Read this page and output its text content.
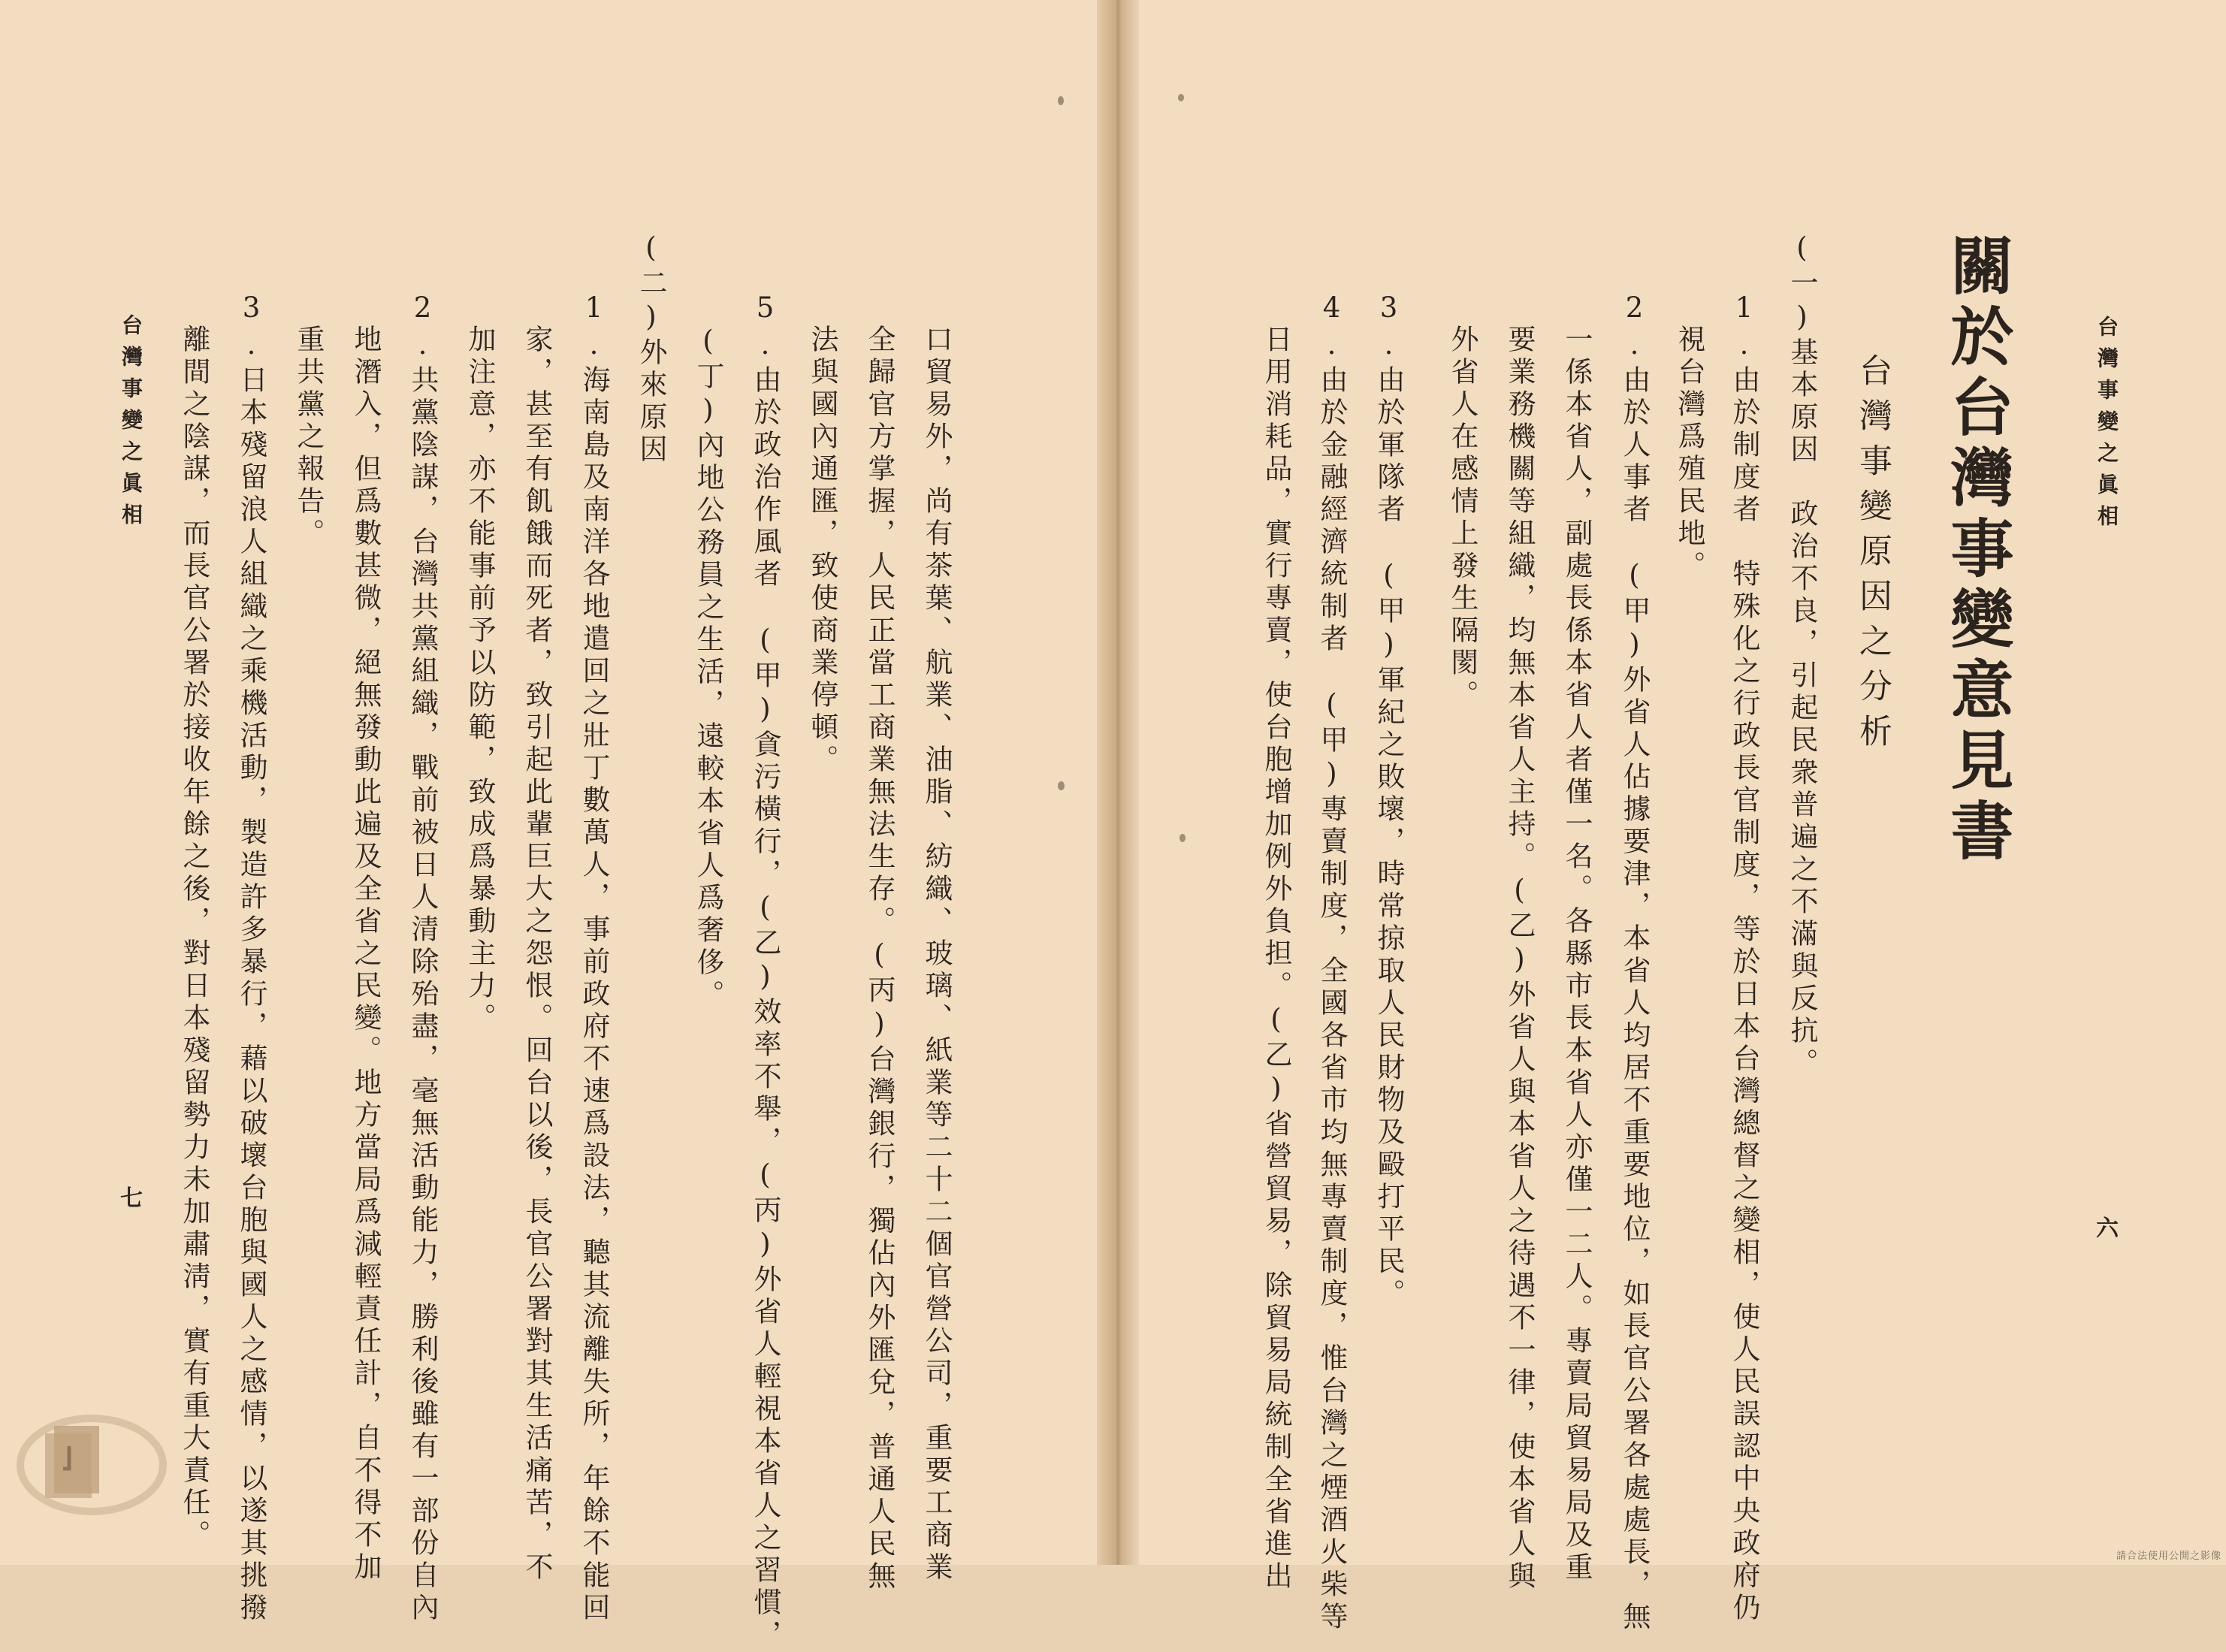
台灣事變之眞相
關於台灣事變意見書
台灣事變原因之分析
(一)基本原因　政治不良，引起民衆普遍之不滿與反抗。
1.由於制度者　特殊化之行政長官制度，等於日本台灣總督之變相，使人民誤認中央政府仍
視台灣爲殖民地。
2.由於人事者　(甲)外省人佔據要津，本省人均居不重要地位，如長官公署各處處長，無
一係本省人，副處長係本省人者僅一名。各縣市長本省人亦僅一二人。專賣局貿易局及重
要業務機關等組織，均無本省人主持。(乙)外省人與本省人之待遇不一律，使本省人與
外省人在感情上發生隔閡。
3.由於軍隊者　(甲)軍紀之敗壞，時常掠取人民財物及毆打平民。
4.由於金融經濟統制者　(甲)專賣制度，全國各省市均無專賣制度，惟台灣之煙酒火柴等
日用消耗品，實行專賣，使台胞增加例外負担。(乙)省營貿易，除貿易局統制全省進出	六
口貿易外，尚有茶葉、航業、油脂、紡織、玻璃、紙業等二十二個官營公司，重要工商業
全歸官方掌握，人民正當工商業無法生存。(丙)台灣銀行，獨佔內外匯兌，普通人民無
法與國內通匯，致使商業停頓。
5.由於政治作風者　(甲)貪污橫行，(乙)效率不舉，(丙)外省人輕視本省人之習慣，
(丁)內地公務員之生活，遠較本省人爲奢侈。
(二)外來原因
1.海南島及南洋各地遣回之壯丁數萬人，事前政府不速爲設法，聽其流離失所，年餘不能回
家，甚至有飢餓而死者，致引起此輩巨大之怨恨。回台以後，長官公署對其生活痛苦，不
加注意，亦不能事前予以防範，致成爲暴動主力。
2.共黨陰謀，台灣共黨組織，戰前被日人清除殆盡，毫無活動能力，勝利後雖有一部份自內
地潛入，但爲數甚微，絕無發動此遍及全省之民變。地方當局爲減輕責任計，自不得不加
重共黨之報告。
3.日本殘留浪人組織之乘機活動，製造許多暴行，藉以破壞台胞與國人之感情，以遂其挑撥
離間之陰謀，而長官公署於接收年餘之後，對日本殘留勢力未加肅淸，實有重大責任。
台灣事變之眞相
七
請合法使用公開之影像
